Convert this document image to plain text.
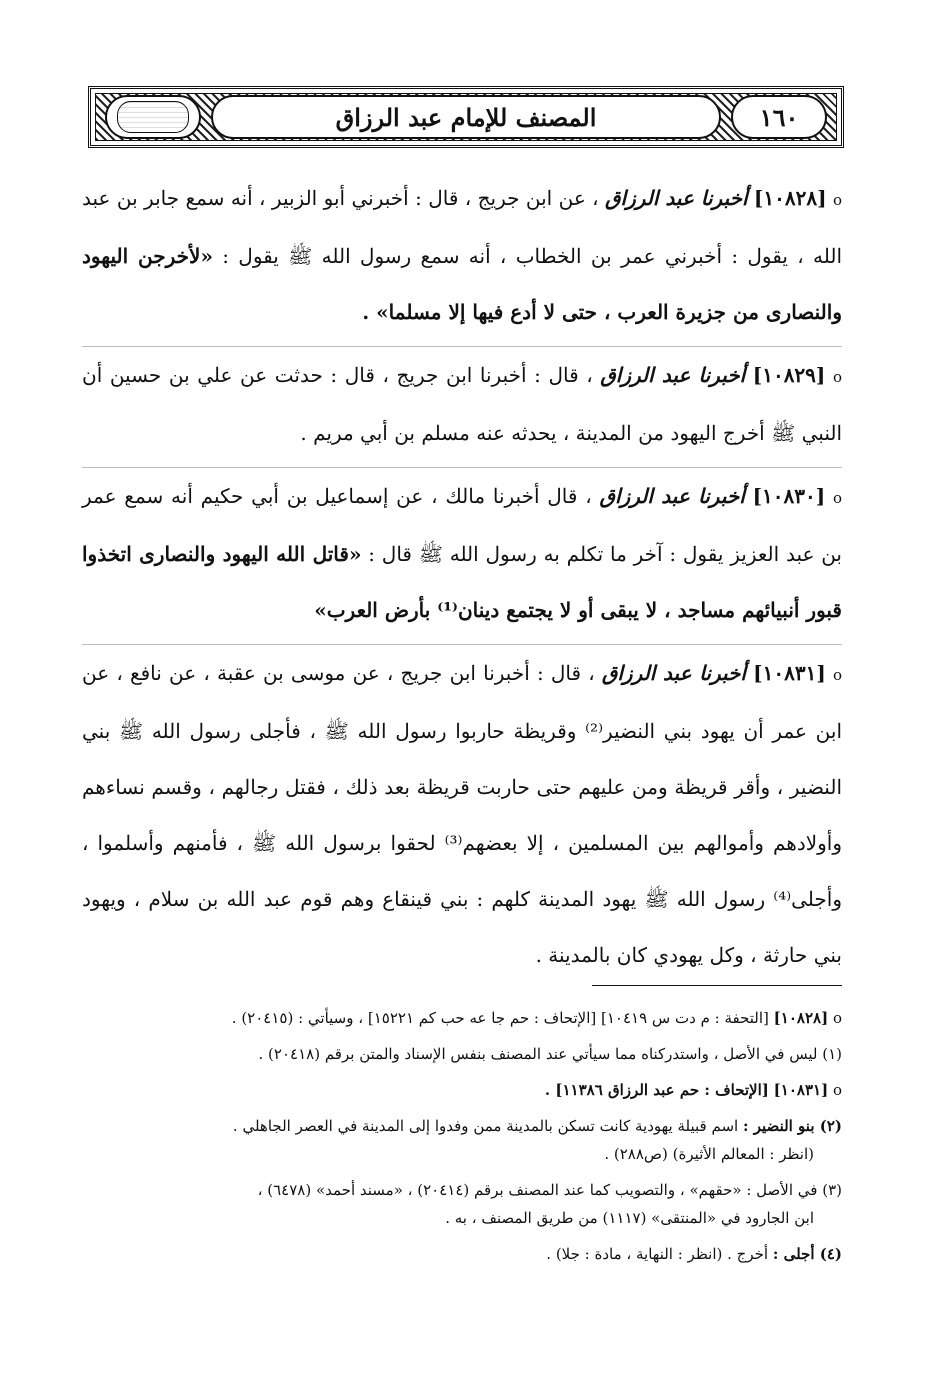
١٦٠
المصنف للإمام عبد الرزاق

o [١٠٨٢٨] أخبرنا عبد الرزاق ، عن ابن جريج ، قال : أخبرني أبو الزبير ، أنه سمع جابر بن عبد الله ، يقول : أخبرني عمر بن الخطاب ، أنه سمع رسول الله ﷺ يقول : «لأخرجن اليهود والنصارى من جزيرة العرب ، حتى لا أدع فيها إلا مسلما» .

o [١٠٨٢٩] أخبرنا عبد الرزاق ، قال : أخبرنا ابن جريج ، قال : حدثت عن علي بن حسين أن النبي ﷺ أخرج اليهود من المدينة ، يحدثه عنه مسلم بن أبي مريم .

o [١٠٨٣٠] أخبرنا عبد الرزاق ، قال أخبرنا مالك ، عن إسماعيل بن أبي حكيم أنه سمع عمر بن عبد العزيز يقول : آخر ما تكلم به رسول الله ﷺ قال : «قاتل الله اليهود والنصارى اتخذوا قبور أنبيائهم مساجد ، لا يبقى أو لا يجتمع دينان⁽¹⁾ بأرض العرب»

o [١٠٨٣١] أخبرنا عبد الرزاق ، قال : أخبرنا ابن جريج ، عن موسى بن عقبة ، عن نافع ، عن ابن عمر أن يهود بني النضير⁽²⁾ وقريظة حاربوا رسول الله ﷺ ، فأجلى رسول الله ﷺ بني النضير ، وأقر قريظة ومن عليهم حتى حاربت قريظة بعد ذلك ، فقتل رجالهم ، وقسم نساءهم وأولادهم وأموالهم بين المسلمين ، إلا بعضهم⁽³⁾ لحقوا برسول الله ﷺ ، فأمنهم وأسلموا ، وأجلى⁽⁴⁾ رسول الله ﷺ يهود المدينة كلهم : بني قينقاع وهم قوم عبد الله بن سلام ، ويهود بني حارثة ، وكل يهودي كان بالمدينة .

o [١٠٨٢٨] [التحفة : م دت س ١٠٤١٩] [الإتحاف : حم جا عه حب كم ١٥٢٢١] ، وسيأتي : (٢٠٤١٥) .

(١) ليس في الأصل ، واستدركناه مما سيأتي عند المصنف بنفس الإسناد والمتن برقم (٢٠٤١٨) .

o [١٠٨٣١] [الإتحاف : حم عبد الرزاق ١١٣٨٦] .

(٢) بنو النضير : اسم قبيلة يهودية كانت تسكن بالمدينة ممن وفدوا إلى المدينة في العصر الجاهلي .
(انظر : المعالم الأثيرة) (ص٢٨٨) .

(٣) في الأصل : «حقهم» ، والتصويب كما عند المصنف برقم (٢٠٤١٤) ، «مسند أحمد» (٦٤٧٨) ،
ابن الجارود في «المنتقى» (١١١٧) من طريق المصنف ، به .

(٤) أجلى : أخرج . (انظر : النهاية ، مادة : جلا) .
